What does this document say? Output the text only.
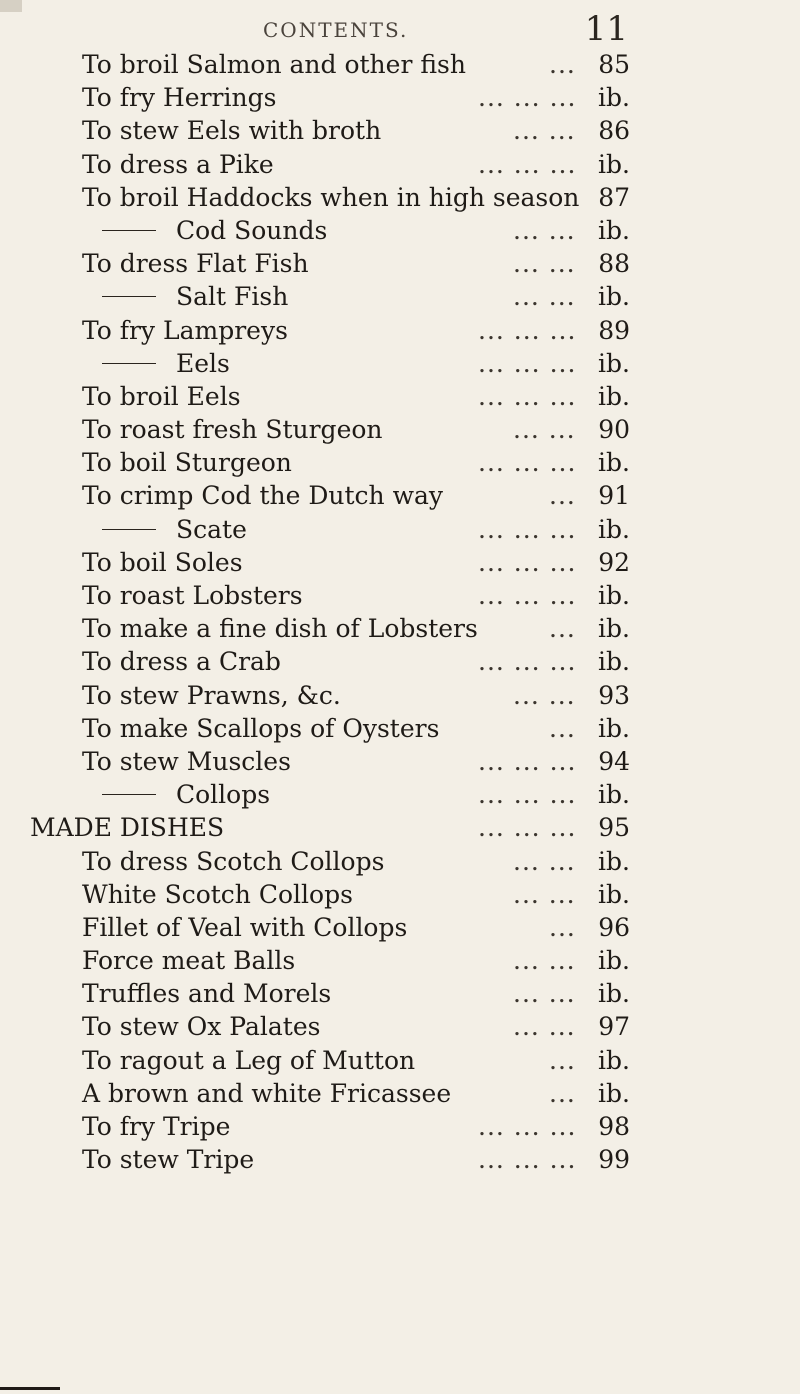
CONTENTS.	11
To broil Salmon and other fish	... 85
To fry Herrings	... ... ... ib.
To stew Eels with broth	... ... 86
To dress a Pike	... ... ... ib.
To broil Haddocks when in high season 87
Cod Sounds	... ... ib.
To dress Flat Fish	... ... 88
Salt Fish	... ... ib.
To fry Lampreys	... ... ... 89
Eels	... ... ... ib.
To broil Eels	... ... ... ib.
To roast fresh Sturgeon	... ... 90
To boil Sturgeon	... ... ... ib.
To crimp Cod the Dutch way	... 91
Scate	... ... ... ib.
To boil Soles	... ... ... 92
To roast Lobsters	... ... ... ib.
To make a fine dish of Lobsters	... ib.
To dress a Crab	... ... ... ib.
To stew Prawns, &c.	... ... 93
To make Scallops of Oysters	... ib.
To stew Muscles	... ... ... 94
Collops	... ... ... ib.
MADE DISHES	... ... ... 95
To dress Scotch Collops	... ... ib.
White Scotch Collops	... ... ib.
Fillet of Veal with Collops	... 96
Force meat Balls	... ... ib.
Truffles and Morels	... ... ib.
To stew Ox Palates	... ... 97
To ragout a Leg of Mutton	... ib.
A brown and white Fricassee	... ib.
To fry Tripe	... ... ... 98
To stew Tripe	... ... ... 99
